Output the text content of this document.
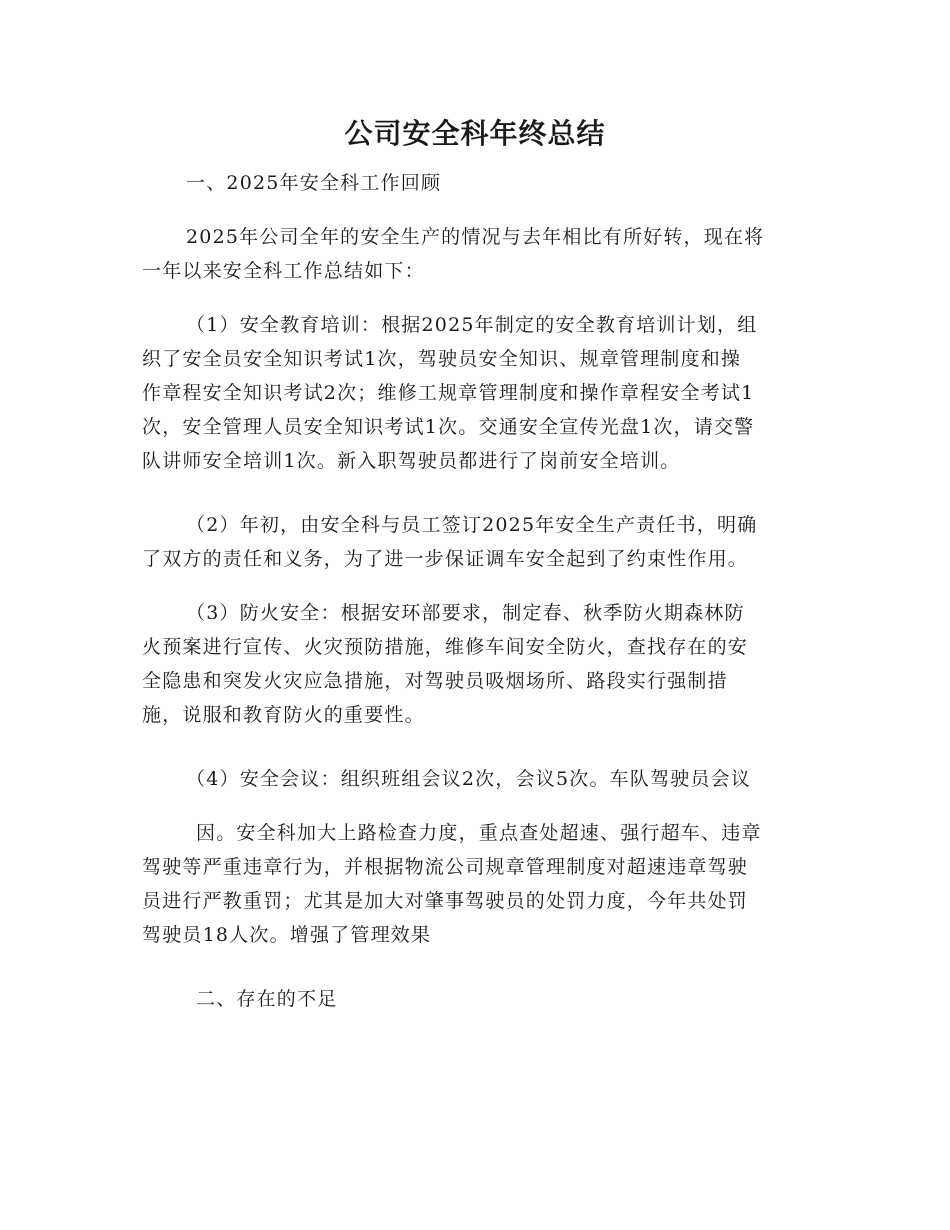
公司安全科年终总结
一、2025年安全科工作回顾
2025年公司全年的安全生产的情况与去年相比有所好转，现在将
一年以来安全科工作总结如下：
（1）安全教育培训：根据2025年制定的安全教育培训计划，组
织了安全员安全知识考试1次，驾驶员安全知识、规章管理制度和操
作章程安全知识考试2次；维修工规章管理制度和操作章程安全考试1
次，安全管理人员安全知识考试1次。交通安全宣传光盘1次，请交警
队讲师安全培训1次。新入职驾驶员都进行了岗前安全培训。
（2）年初，由安全科与员工签订2025年安全生产责任书，明确
了双方的责任和义务，为了进一步保证调车安全起到了约束性作用。
（3）防火安全：根据安环部要求，制定春、秋季防火期森林防
火预案进行宣传、火灾预防措施，维修车间安全防火，查找存在的安
全隐患和突发火灾应急措施，对驾驶员吸烟场所、路段实行强制措
施，说服和教育防火的重要性。
（4）安全会议：组织班组会议2次，会议5次。车队驾驶员会议
因。安全科加大上路检查力度，重点查处超速、强行超车、违章
驾驶等严重违章行为，并根据物流公司规章管理制度对超速违章驾驶
员进行严教重罚；尤其是加大对肇事驾驶员的处罚力度，今年共处罚
驾驶员18人次。增强了管理效果
二、存在的不足
